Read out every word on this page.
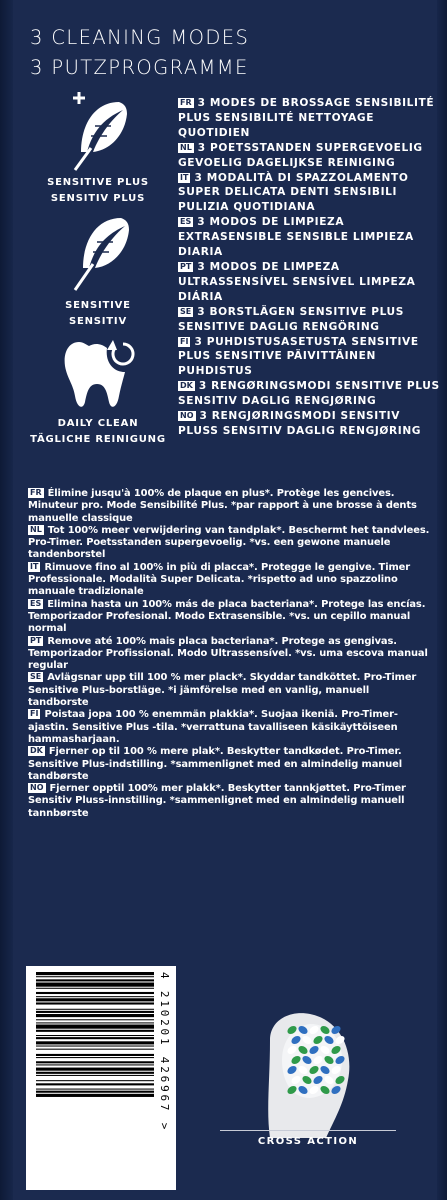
3 CLEANING MODES
3 PUTZPROGRAMME
SENSITIVE PLUS
SENSITIV PLUS
SENSITIVE
SENSITIV
DAILY CLEAN
TÄGLICHE REINIGUNG
FR 3 MODES DE BROSSAGE SENSIBILITÉ PLUS SENSIBILITÉ NETTOYAGE QUOTIDIEN
NL 3 POETSSTANDEN SUPERGEVOELIG GEVOELIG DAGELIJKSE REINIGING
IT 3 MODALITÀ DI SPAZZOLAMENTO SUPER DELICATA DENTI SENSIBILI PULIZIA QUOTIDIANA
ES 3 MODOS DE LIMPIEZA EXTRASENSIBLE SENSIBLE LIMPIEZA DIARIA
PT 3 MODOS DE LIMPEZA ULTRASSENSÍVEL SENSÍVEL LIMPEZA DIÁRIA
SE 3 BORSTLÄGEN SENSITIVE PLUS SENSITIVE DAGLIG RENGÖRING
FI 3 PUHDISTUSASETUSTA SENSITIVE PLUS SENSITIVE PÄIVITTÄINEN PUHDISTUS
DK 3 RENGØRINGSMODI SENSITIVE PLUS SENSITIV DAGLIG RENGJØRING
NO 3 RENGJØRINGSMODI SENSITIV PLUSS SENSITIV DAGLIG RENGJØRING
FR Élimine jusqu'à 100% de plaque en plus*. Protège les gencives. Minuteur pro. Mode Sensibilité Plus. *par rapport à une brosse à dents manuelle classique
NL Tot 100% meer verwijdering van tandplak*. Beschermt het tandvlees. Pro-Timer. Poetsstanden supergevoelig. *vs. een gewone manuele tandenborstel
IT Rimuove fino al 100% in più di placca*. Protegge le gengive. Timer Professionale. Modalità Super Delicata. *rispetto ad uno spazzolino manuale tradizionale
ES Elimina hasta un 100% más de placa bacteriana*. Protege las encías. Temporizador Profesional. Modo Extrasensible. *vs. un cepillo manual normal
PT Remove até 100% mais placa bacteriana*. Protege as gengivas. Temporizador Profissional. Modo Ultrassensível. *vs. uma escova manual regular
SE Avlägsnar upp till 100 % mer plack*. Skyddar tandköttet. Pro-Timer Sensitive Plus-borstläge. *i jämförelse med en vanlig, manuell tandborste
FI Poistaa jopa 100 % enemmän plakkia*. Suojaa ikeniä. Pro-Timer-ajastin. Sensitive Plus -tila. *verrattuna tavalliseen käsikäyttöiseen hammasharjaan.
DK Fjerner op til 100 % mere plak*. Beskytter tandkødet. Pro-Timer. Sensitive Plus-indstilling. *sammenlignet med en almindelig manuel tandbørste
NO Fjerner opptil 100% mer plakk*. Beskytter tannkjøttet. Pro-Timer Sensitiv Pluss-innstilling. *sammenlignet med en almindelig manuell tannbørste
4 210201 426967 >
CROSS ACTION
